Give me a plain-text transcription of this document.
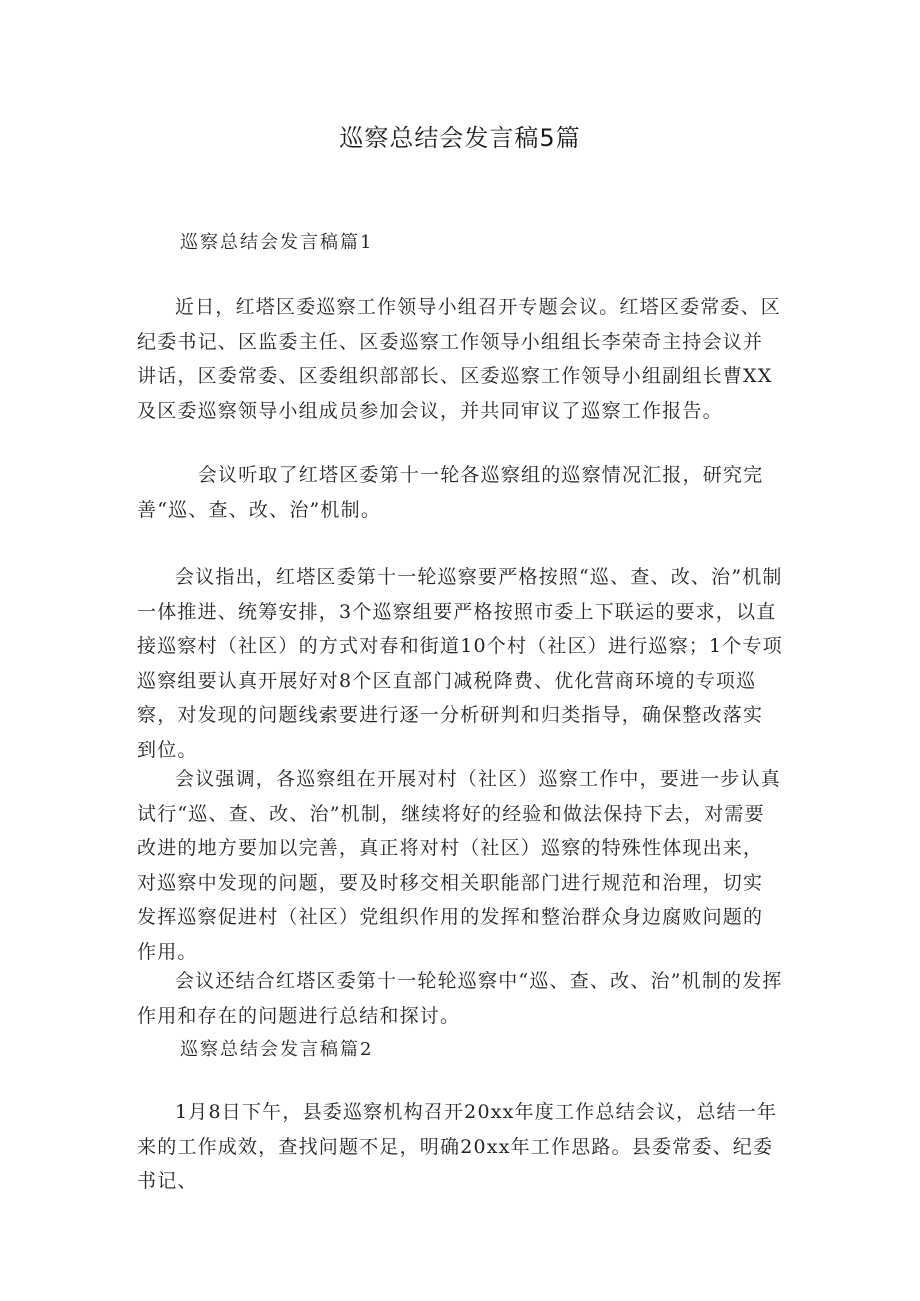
巡察总结会发言稿5篇
巡察总结会发言稿篇1

近日，红塔区委巡察工作领导小组召开专题会议。红塔区委常委、区纪委书记、区监委主任、区委巡察工作领导小组组长李荣奇主持会议并讲话，区委常委、区委组织部部长、区委巡察工作领导小组副组长曹XX及区委巡察领导小组成员参加会议，并共同审议了巡察工作报告。

会议听取了红塔区委第十一轮各巡察组的巡察情况汇报，研究完善“巡、查、改、治”机制。

会议指出，红塔区委第十一轮巡察要严格按照“巡、查、改、治”机制一体推进、统筹安排，3个巡察组要严格按照市委上下联运的要求，以直接巡察村（社区）的方式对春和街道10个村（社区）进行巡察；1个专项巡察组要认真开展好对8个区直部门减税降费、优化营商环境的专项巡察，对发现的问题线索要进行逐一分析研判和归类指导，确保整改落实到位。

会议强调，各巡察组在开展对村（社区）巡察工作中，要进一步认真试行“巡、查、改、治”机制，继续将好的经验和做法保持下去，对需要改进的地方要加以完善，真正将对村（社区）巡察的特殊性体现出来，对巡察中发现的问题，要及时移交相关职能部门进行规范和治理，切实发挥巡察促进村（社区）党组织作用的发挥和整治群众身边腐败问题的作用。

会议还结合红塔区委第十一轮轮巡察中“巡、查、改、治”机制的发挥作用和存在的问题进行总结和探讨。

巡察总结会发言稿篇2

1月8日下午，县委巡察机构召开20xx年度工作总结会议，总结一年来的工作成效，查找问题不足，明确20xx年工作思路。县委常委、纪委书记、
